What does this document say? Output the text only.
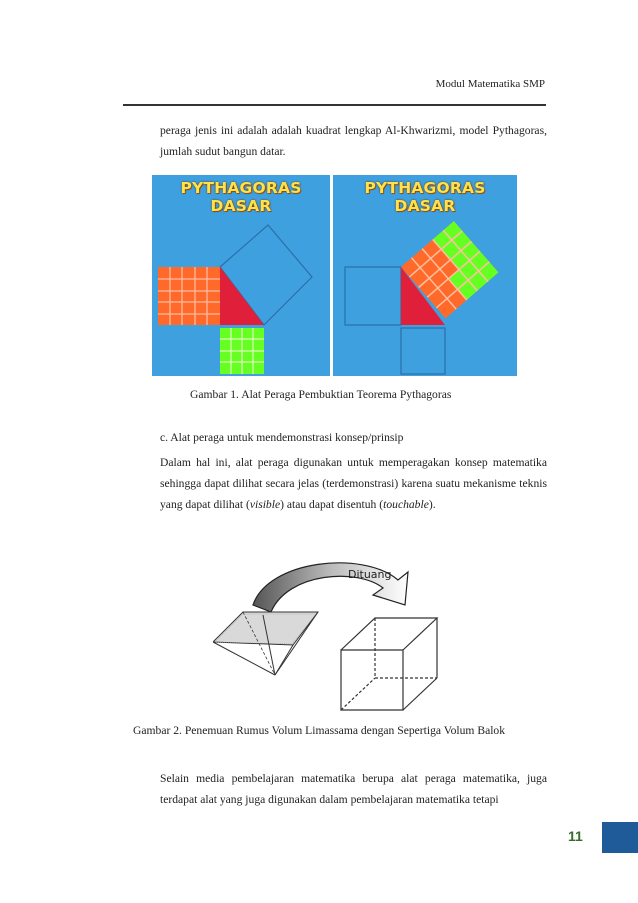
Modul Matematika SMP
peraga jenis ini adalah adalah kuadrat lengkap Al-Khwarizmi, model Pythagoras, jumlah sudut bangun datar.
PYTHAGORAS DASAR
PYTHAGORAS DASAR
Gambar 1. Alat Peraga Pembuktian Teorema Pythagoras
c. Alat peraga untuk mendemonstrasi konsep/prinsip
Dalam hal ini, alat peraga digunakan untuk memperagakan konsep matematika sehingga dapat dilihat secara jelas (terdemonstrasi) karena suatu mekanisme teknis yang dapat dilihat (visible) atau dapat disentuh (touchable).
Dituang
Gambar 2. Penemuan Rumus Volum Limassama dengan Sepertiga Volum Balok
Selain media pembelajaran matematika berupa alat peraga matematika, juga terdapat alat yang juga digunakan dalam pembelajaran matematika tetapi
11
